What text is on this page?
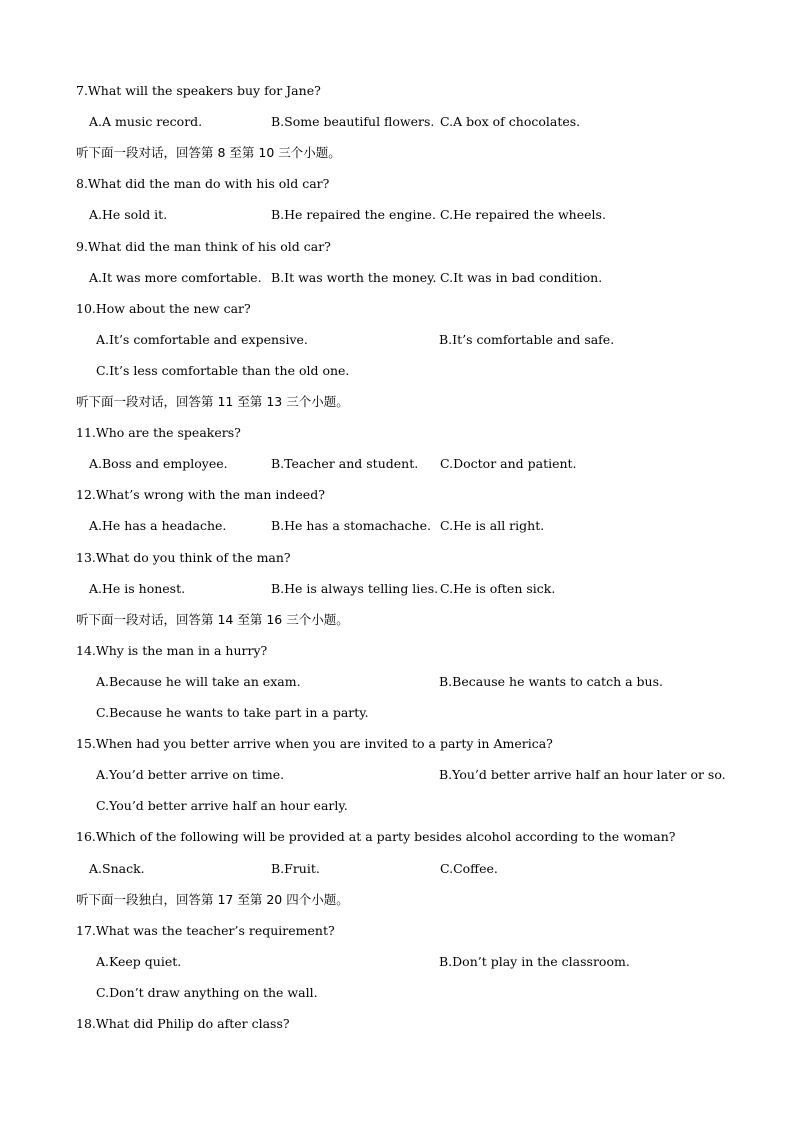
7.What will the speakers buy for Jane?
A.A music record.	B.Some beautiful flowers. C.A box of chocolates.
听下面一段对话，回答第 8 至第 10 三个小题。
8.What did the man do with his old car?
A.He sold it.	B.He repaired the engine. C.He repaired the wheels.
9.What did the man think of his old car?
A.It was more comfortable. B.It was worth the money. C.It was in bad condition.
10.How about the new car?
A.It’s comfortable and expensive.	B.It’s comfortable and safe.
C.It’s less comfortable than the old one.
听下面一段对话，回答第 11 至第 13 三个小题。
11.Who are the speakers?
A.Boss and employee.	B.Teacher and student. C.Doctor and patient.
12.What’s wrong with the man indeed?
A.He has a headache.	B.He has a stomachache. C.He is all right.
13.What do you think of the man?
A.He is honest.	B.He is always telling lies. C.He is often sick.
听下面一段对话，回答第 14 至第 16 三个小题。
14.Why is the man in a hurry?
A.Because he will take an exam.	B.Because he wants to catch a bus.
C.Because he wants to take part in a party.
15.When had you better arrive when you are invited to a party in America?
A.You’d better arrive on time.	B.You’d better arrive half an hour later or so.
C.You’d better arrive half an hour early.
16.Which of the following will be provided at a party besides alcohol according to the woman?
A.Snack.	B.Fruit.	C.Coffee.
听下面一段独白，回答第 17 至第 20 四个小题。
17.What was the teacher’s requirement?
A.Keep quiet.	B.Don’t play in the classroom.
C.Don’t draw anything on the wall.
18.What did Philip do after class?
